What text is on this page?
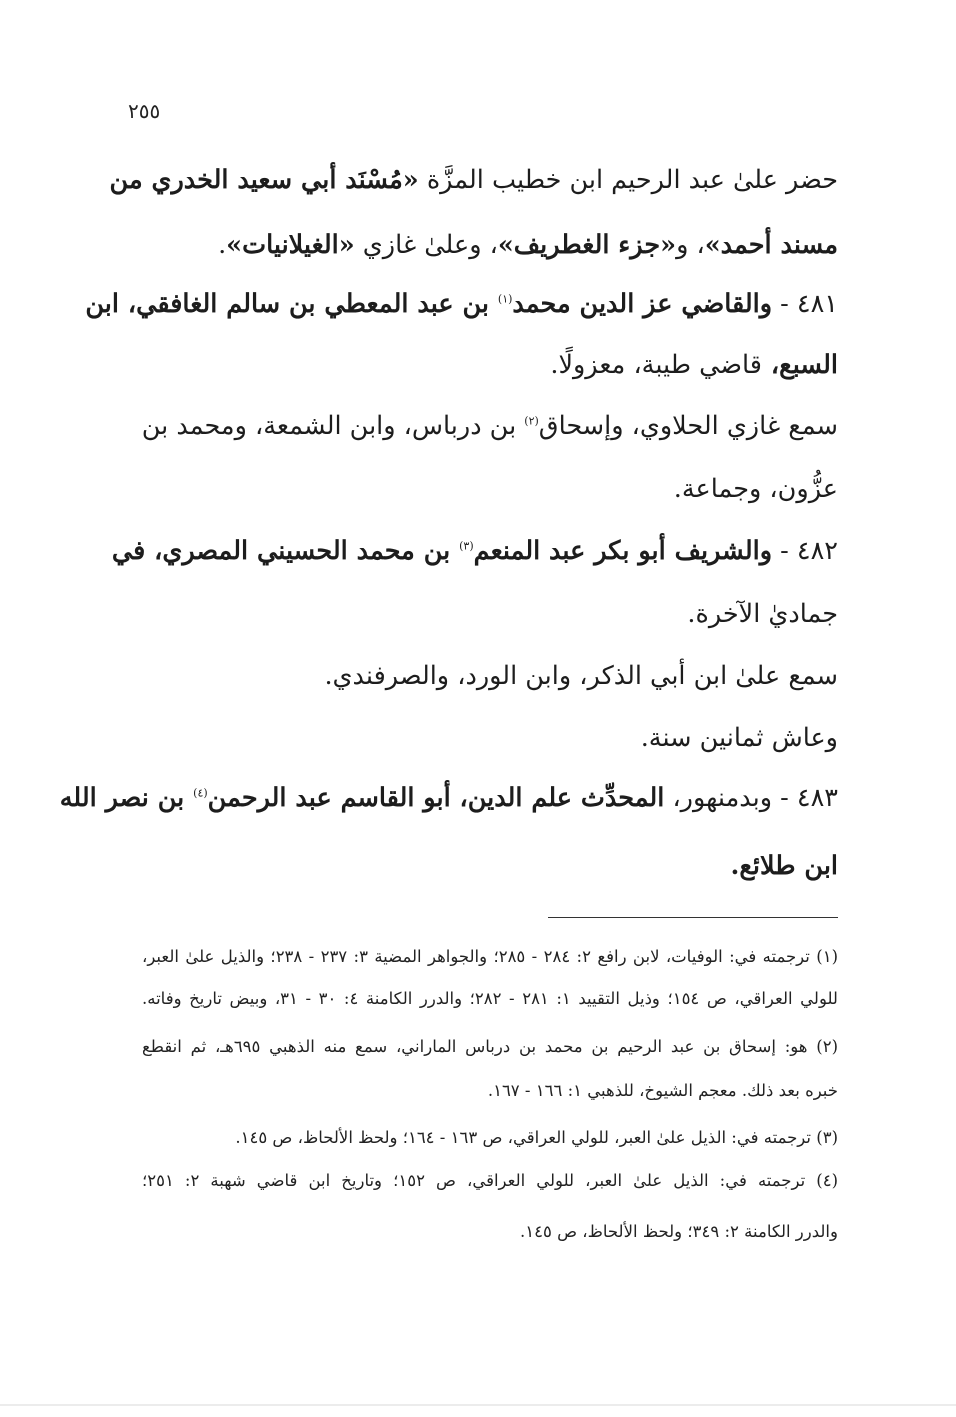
٢٥٥
حضر علىٰ عبد الرحيم ابن خطيب المزَّة «مُسْنَد أبي سعيد الخدري من
مسند أحمد»، و«جزء الغطريف»، وعلىٰ غازي «الغيلانيات».
٤٨١ - والقاضي عز الدين محمد$^{(١)}$ بن عبد المعطي بن سالم الغافقي، ابن
السبع، قاضي طيبة، معزولًا.
سمع غازي الحلاوي، وإسحاق$^{(٢)}$ بن درباس، وابن الشمعة، ومحمد بن
عزُّون، وجماعة.
٤٨٢ - والشريف أبو بكر عبد المنعم$^{(٣)}$ بن محمد الحسيني المصري، في
جماديٰ الآخرة.
سمع علىٰ ابن أبي الذكر، وابن الورد، والصرفندي.
وعاش ثمانين سنة.
٤٨٣ - وبدمنهور، المحدِّث علم الدين، أبو القاسم عبد الرحمن$^{(٤)}$ بن نصر الله
ابن طلائع.
(١) ترجمته في: الوفيات، لابن رافع ٢: ٢٨٤ - ٢٨٥؛ والجواهر المضية ٣: ٢٣٧ - ٢٣٨؛ والذيل علىٰ العبر،
للولي العراقي، ص ١٥٤؛ وذيل التقييد ١: ٢٨١ - ٢٨٢؛ والدرر الكامنة ٤: ٣٠ - ٣١، وبيض تاريخ وفاته.
(٢) هو: إسحاق بن عبد الرحيم بن محمد بن درباس الماراني، سمع منه الذهبي ٦٩٥هـ، ثم انقطع
خبره بعد ذلك. معجم الشيوخ، للذهبي ١: ١٦٦ - ١٦٧.
(٣) ترجمته في: الذيل علىٰ العبر، للولي العراقي، ص ١٦٣ - ١٦٤؛ ولحظ الألحاظ، ص ١٤٥.
(٤) ترجمته في: الذيل علىٰ العبر، للولي العراقي، ص ١٥٢؛ وتاريخ ابن قاضي شهبة ٢: ٢٥١؛
والدرر الكامنة ٢: ٣٤٩؛ ولحظ الألحاظ، ص ١٤٥.
